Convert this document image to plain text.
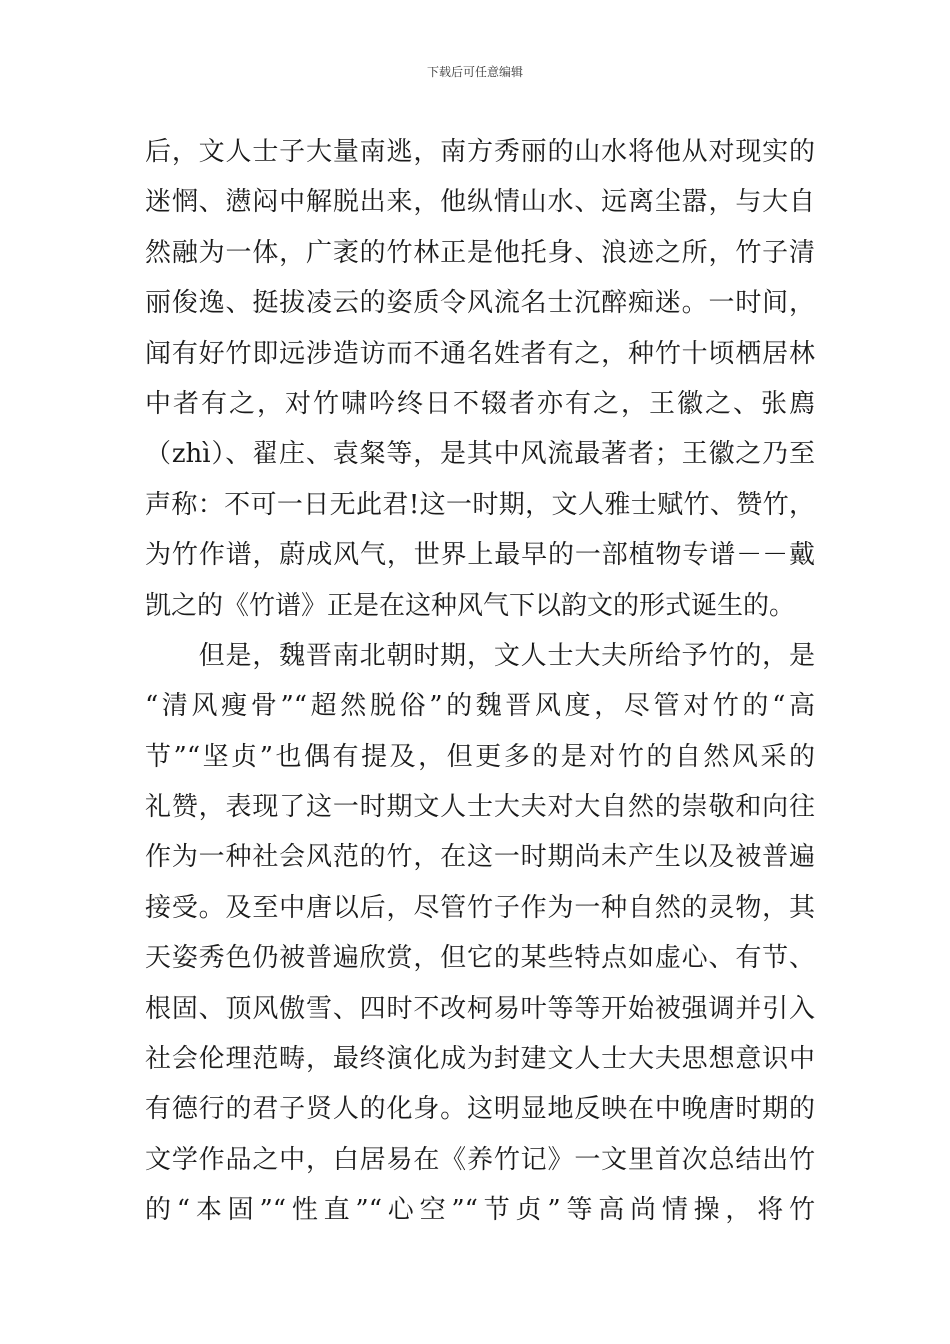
下载后可任意编辑
后，文人士子大量南逃，南方秀丽的山水将他从对现实的
迷惘、懑闷中解脱出来，他纵情山水、远离尘嚣，与大自
然融为一体，广袤的竹林正是他托身、浪迹之所，竹子清
丽俊逸、挺拔凌云的姿质令风流名士沉醉痴迷。一时间，
闻有好竹即远涉造访而不通名姓者有之，种竹十顷栖居林
中者有之，对竹啸吟终日不辍者亦有之，王徽之、张廌
（zhì）、翟庄、袁粲等，是其中风流最著者；王徽之乃至
声称：不可一日无此君!这一时期，文人雅士赋竹、赞竹，
为竹作谱，蔚成风气，世界上最早的一部植物专谱－－戴
凯之的《竹谱》正是在这种风气下以韵文的形式诞生的。
　　但是，魏晋南北朝时期，文人士大夫所给予竹的，是
“清风瘦骨”“超然脱俗”的魏晋风度，尽管对竹的“高
节”“坚贞”也偶有提及，但更多的是对竹的自然风采的
礼赞，表现了这一时期文人士大夫对大自然的崇敬和向往
作为一种社会风范的竹，在这一时期尚未产生以及被普遍
接受。及至中唐以后，尽管竹子作为一种自然的灵物，其
天姿秀色仍被普遍欣赏，但它的某些特点如虚心、有节、
根固、顶风傲雪、四时不改柯易叶等等开始被强调并引入
社会伦理范畴，最终演化成为封建文人士大夫思想意识中
有德行的君子贤人的化身。这明显地反映在中晚唐时期的
文学作品之中，白居易在《养竹记》一文里首次总结出竹
的“本固”“性直”“心空”“节贞”等高尚情操，将竹
